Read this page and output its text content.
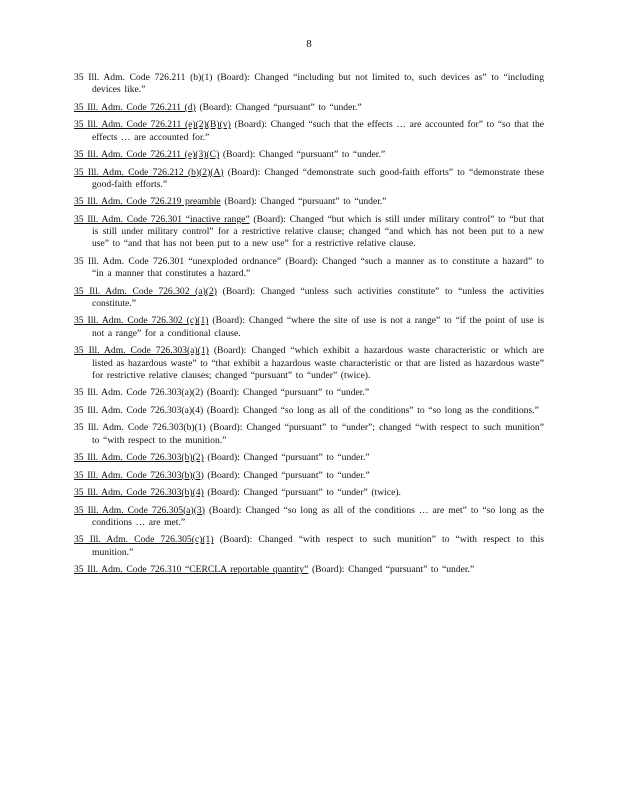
8

35 Ill. Adm. Code 726.211 (b)(1) (Board): Changed “including but not limited to, such devices as” to “including devices like.”

35 Ill. Adm. Code 726.211 (d) (Board): Changed “pursuant” to “under.”

35 Ill. Adm. Code 726.211 (e)(2)(B)(v) (Board): Changed “such that the effects … are accounted for” to “so that the effects … are accounted for.”

35 Ill. Adm. Code 726.211 (e)(3)(C) (Board): Changed “pursuant” to “under.”

35 Ill. Adm. Code 726.212 (b)(2)(A) (Board): Changed “demonstrate such good-faith efforts” to “demonstrate these good-faith efforts.”

35 Ill. Adm. Code 726.219 preamble (Board): Changed “pursuant” to “under.”

35 Ill. Adm. Code 726.301 “inactive range” (Board): Changed “but which is still under military control” to “but that is still under military control” for a restrictive relative clause; changed “and which has not been put to a new use” to “and that has not been put to a new use” for a restrictive relative clause.

35 Ill. Adm. Code 726.301 “unexploded ordnance” (Board): Changed “such a manner as to constitute a hazard” to “in a manner that constitutes a hazard.”

35 Ill. Adm. Code 726.302 (a)(2) (Board): Changed “unless such activities constitute” to “unless the activities constitute.”

35 Ill. Adm. Code 726.302 (c)(1) (Board): Changed “where the site of use is not a range” to “if the point of use is not a range” for a conditional clause.

35 Ill. Adm. Code 726.303(a)(1) (Board): Changed “which exhibit a hazardous waste characteristic or which are listed as hazardous waste” to “that exhibit a hazardous waste characteristic or that are listed as hazardous waste” for restrictive relative clauses; changed “pursuant” to “under” (twice).

35 Ill. Adm. Code 726.303(a)(2) (Board): Changed “pursuant” to “under.”

35 Ill. Adm. Code 726.303(a)(4) (Board): Changed “so long as all of the conditions” to “so long as the conditions.”

35 Ill. Adm. Code 726.303(b)(1) (Board): Changed “pursuant” to “under”; changed “with respect to such munition” to “with respect to the munition.”

35 Ill. Adm. Code 726.303(b)(2) (Board): Changed “pursuant” to “under.”

35 Ill. Adm. Code 726.303(b)(3) (Board): Changed “pursuant” to “under.”

35 Ill. Adm. Code 726.303(b)(4) (Board): Changed “pursuant” to “under” (twice).

35 Ill. Adm. Code 726.305(a)(3) (Board): Changed “so long as all of the conditions … are met” to “so long as the conditions … are met.”

35 Ill. Adm. Code 726.305(c)(1) (Board): Changed “with respect to such munition” to “with respect to this munition.”

35 Ill. Adm. Code 726.310 “CERCLA reportable quantity” (Board): Changed “pursuant” to “under.”
